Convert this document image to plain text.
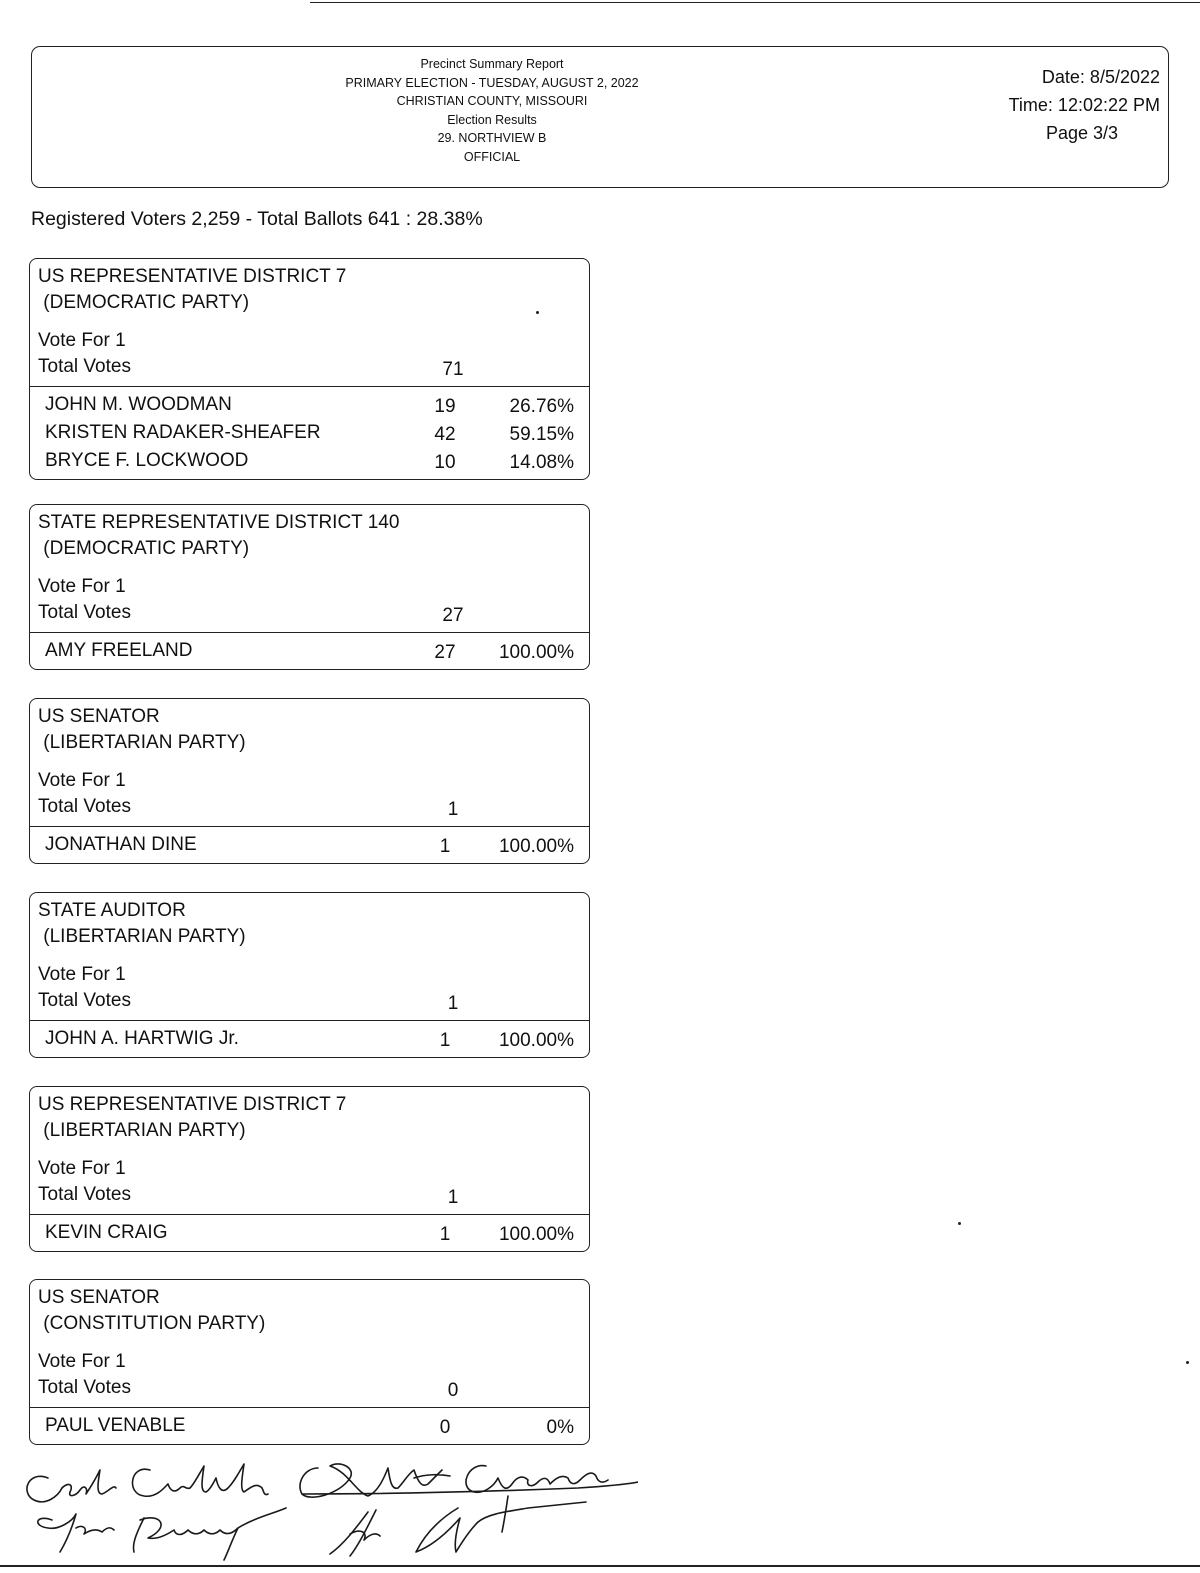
Precinct Summary Report
PRIMARY ELECTION - TUESDAY, AUGUST 2, 2022
CHRISTIAN COUNTY, MISSOURI
Election Results
29. NORTHVIEW B
OFFICIAL
Date: 8/5/2022
Time: 12:02:22 PM
Page 3/3
Registered Voters 2,259 - Total Ballots 641 : 28.38%
US REPRESENTATIVE DISTRICT 7
(DEMOCRATIC PARTY)
Vote For 1
Total Votes	71
JOHN M. WOODMAN	19	26.76%
KRISTEN RADAKER-SHEAFER	42	59.15%
BRYCE F. LOCKWOOD	10	14.08%
STATE REPRESENTATIVE DISTRICT 140
(DEMOCRATIC PARTY)
Vote For 1
Total Votes	27
AMY FREELAND	27 100.00%
US SENATOR
(LIBERTARIAN PARTY)
Vote For 1
Total Votes	1
JONATHAN DINE	1	100.00%
STATE AUDITOR
(LIBERTARIAN PARTY)
Vote For 1
Total Votes	1
JOHN A. HARTWIG Jr.	1	100.00%
US REPRESENTATIVE DISTRICT 7
(LIBERTARIAN PARTY)
Vote For 1
Total Votes	1
KEVIN CRAIG	1	100.00%
US SENATOR
(CONSTITUTION PARTY)
Vote For 1
Total Votes	0
PAUL VENABLE	0	0%
